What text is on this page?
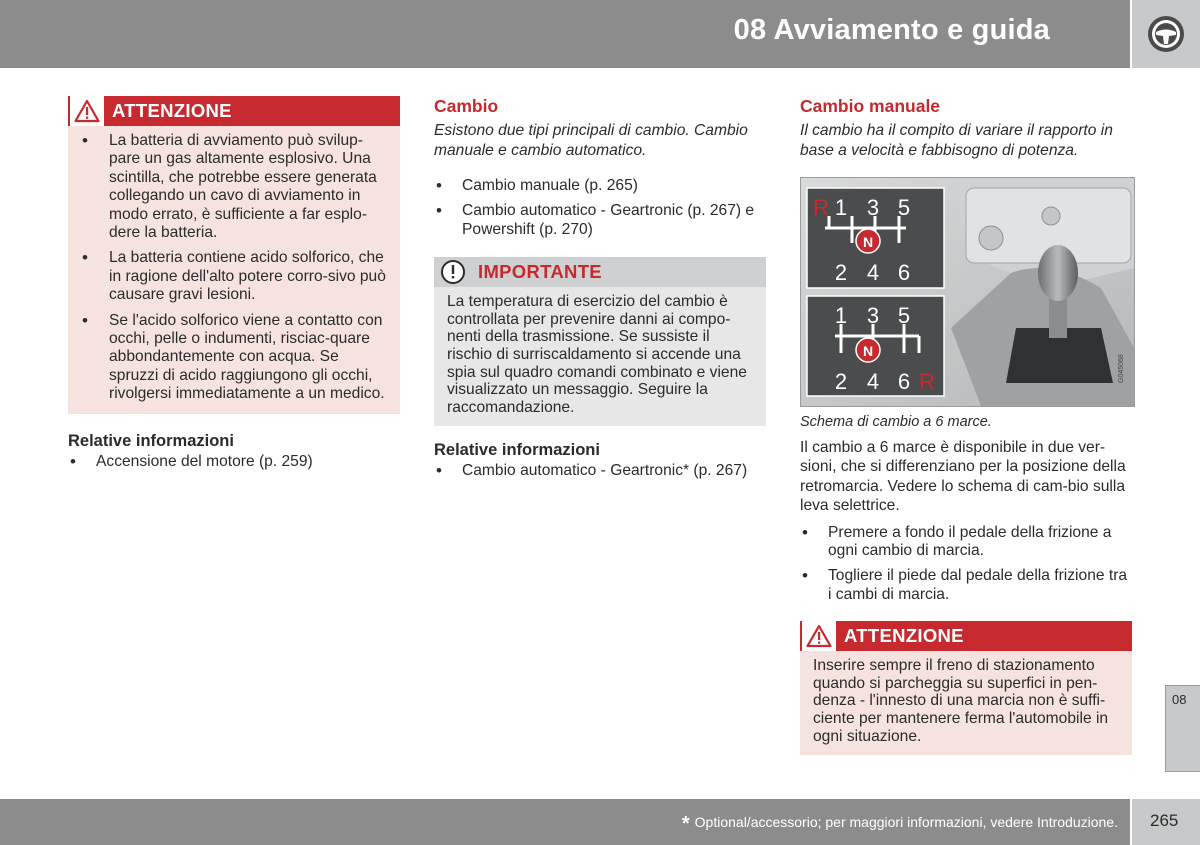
08 Avviamento e guida
ATTENZIONE
• La batteria di avviamento può svilup-pare un gas altamente esplosivo. Una scintilla, che potrebbe essere generata collegando un cavo di avviamento in modo errato, è sufficiente a far esplo-dere la batteria.
• La batteria contiene acido solforico, che in ragione dell'alto potere corro-sivo può causare gravi lesioni.
• Se l'acido solforico viene a contatto con occhi, pelle o indumenti, risciac-quare abbondantemente con acqua. Se spruzzi di acido raggiungono gli occhi, rivolgersi immediatamente a un medico.
Relative informazioni
• Accensione del motore (p. 259)
Cambio

Esistono due tipi principali di cambio. Cambio manuale e cambio automatico.

• Cambio manuale (p. 265)
• Cambio automatico - Geartronic (p. 267) e Powershift (p. 270)
IMPORTANTE

La temperatura di esercizio del cambio è controllata per prevenire danni ai compo-nenti della trasmissione. Se sussiste il rischio di surriscaldamento si accende una spia sul quadro comandi combinato e viene visualizzato un messaggio. Seguire la raccomandazione.

Relative informazioni
• Cambio automatico - Geartronic* (p. 267)
Cambio manuale

Il cambio ha il compito di variare il rapporto in base a velocità e fabbisogno di potenza.

G045068
R 1 3 5
2 4 6
N
1 3 5
2 4 6 R
N

Schema di cambio a 6 marce.

Il cambio a 6 marce è disponibile in due ver-sioni, che si differenziano per la posizione della retromarcia. Vedere lo schema di cam-bio sulla leva selettrice.

• Premere a fondo il pedale della frizione a ogni cambio di marcia.
• Togliere il piede dal pedale della frizione tra i cambi di marcia.
ATTENZIONE

Inserire sempre il freno di stazionamento quando si parcheggia su superfici in pen-denza - l'innesto di una marcia non è suffi-ciente per mantenere ferma l'automobile in ogni situazione.

08
* Optional/accessorio; per maggiori informazioni, vedere Introduzione. 265
